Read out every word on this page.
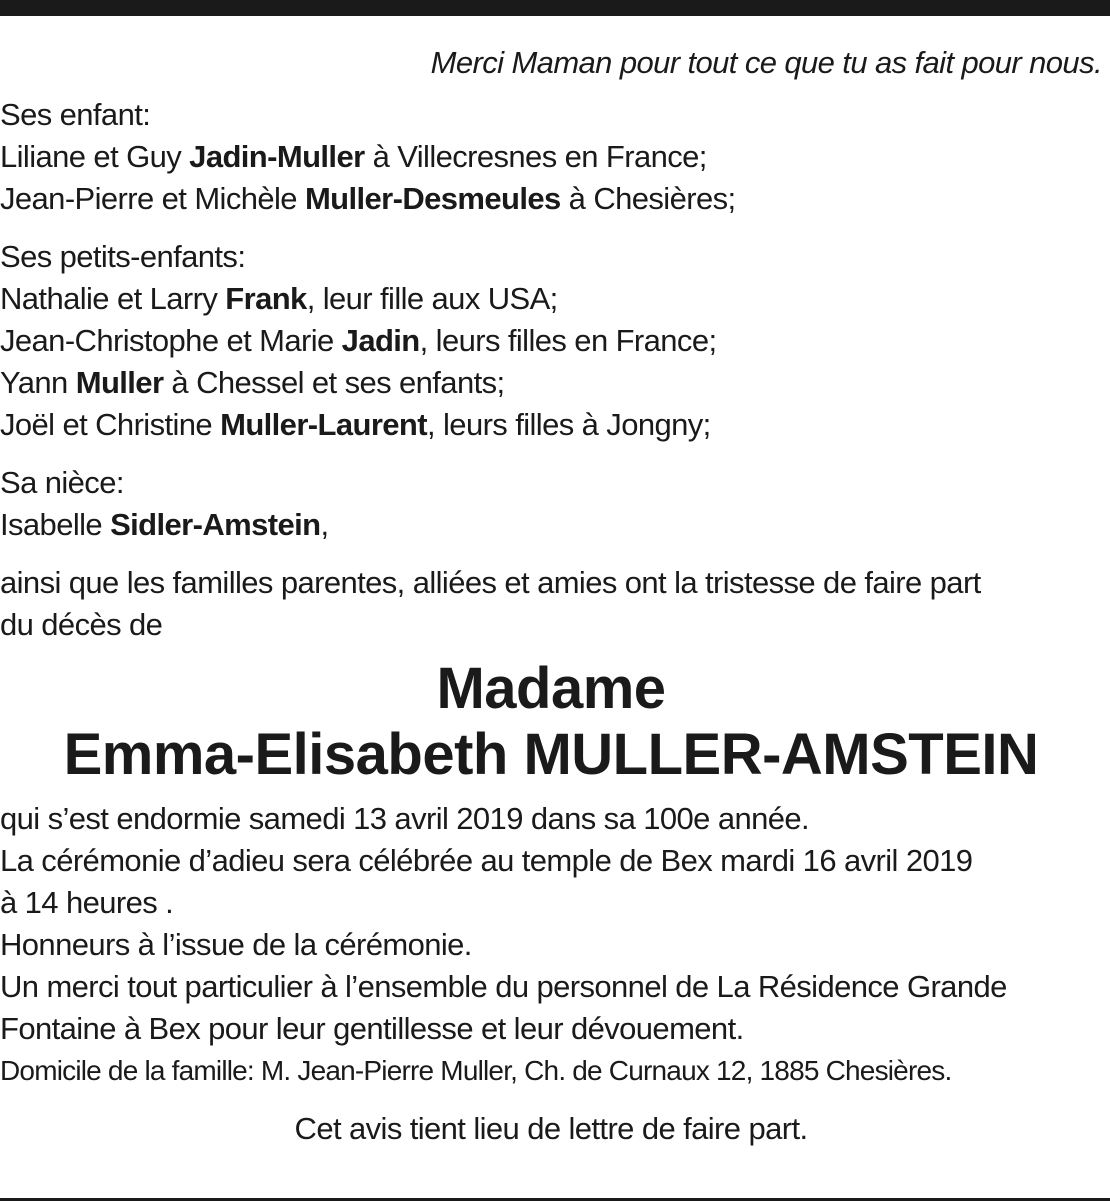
Merci Maman pour tout ce que tu as fait pour nous.
Ses enfant:
Liliane et Guy Jadin-Muller à Villecresnes en France;
Jean-Pierre et Michèle Muller-Desmeules à Chesières;
Ses petits-enfants:
Nathalie et Larry Frank, leur fille aux USA;
Jean-Christophe et Marie Jadin, leurs filles en France;
Yann Muller à Chessel et ses enfants;
Joël et Christine Muller-Laurent, leurs filles à Jongny;
Sa nièce:
Isabelle Sidler-Amstein,
ainsi que les familles parentes, alliées et amies ont la tristesse de faire part
du décès de
Madame
Emma-Elisabeth MULLER-AMSTEIN
qui s’est endormie samedi 13 avril 2019 dans sa 100e année.
La cérémonie d’adieu sera célébrée au temple de Bex mardi 16 avril 2019
à 14 heures .
Honneurs à l’issue de la cérémonie.
Un merci tout particulier à l’ensemble du personnel de La Résidence Grande
Fontaine à Bex pour leur gentillesse et leur dévouement.
Domicile de la famille: M. Jean-Pierre Muller, Ch. de Curnaux 12, 1885 Chesières.
Cet avis tient lieu de lettre de faire part.
